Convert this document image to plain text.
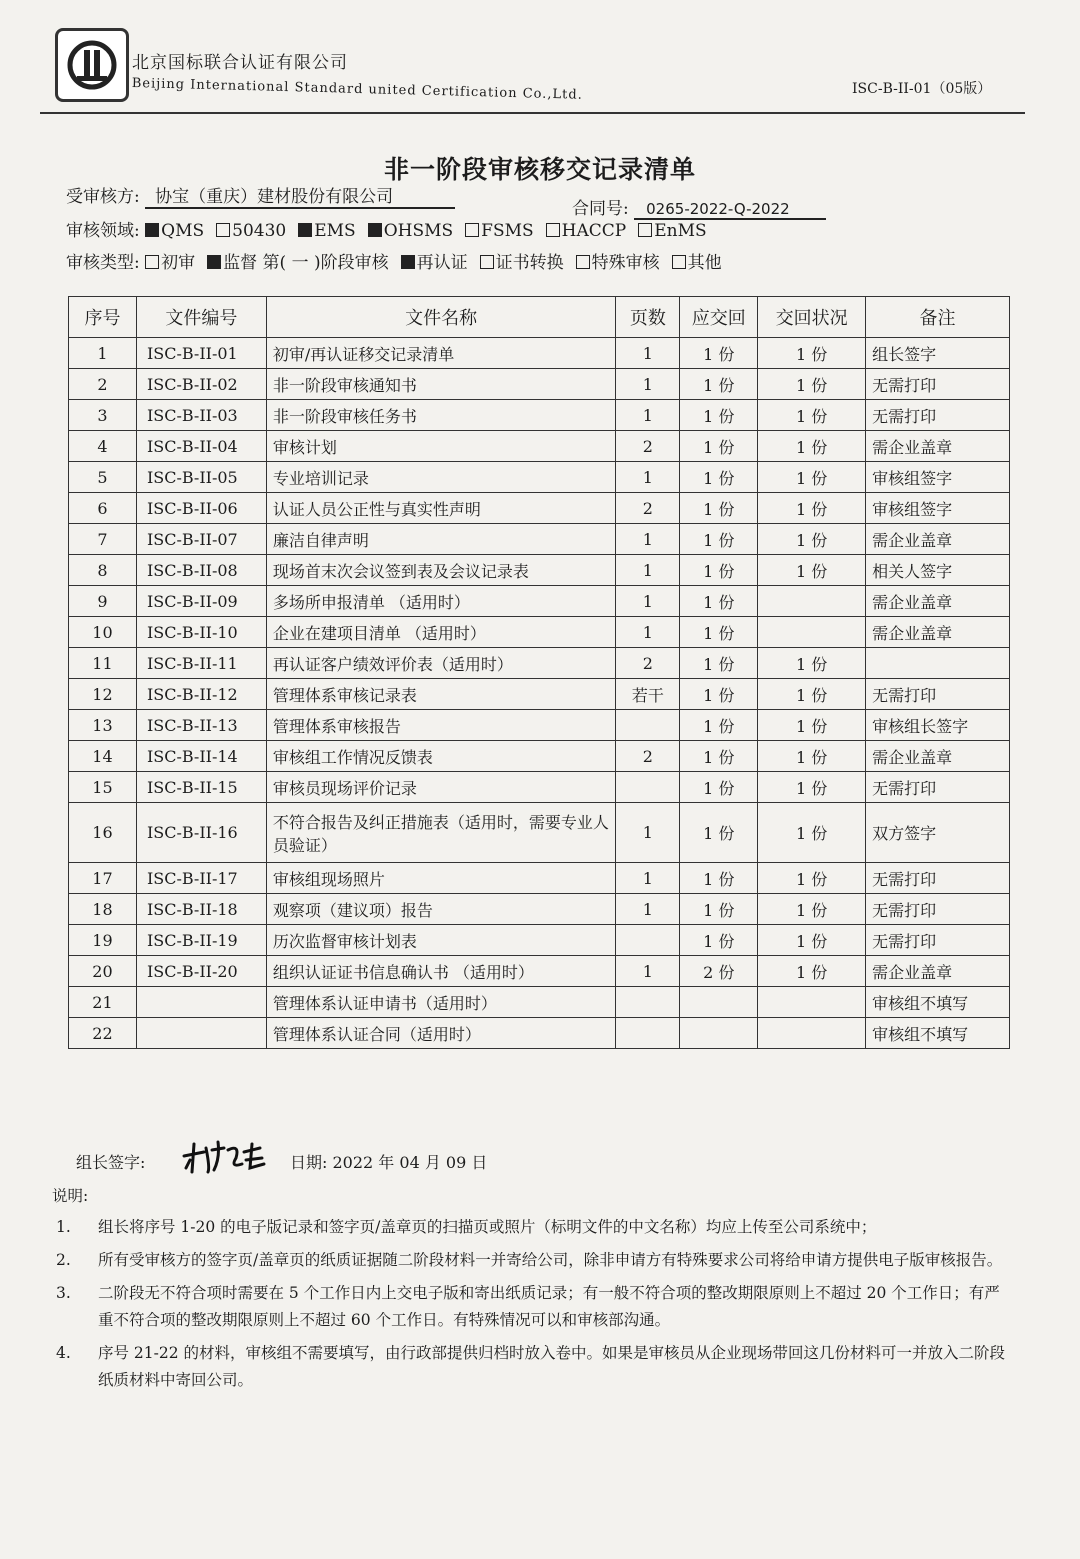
北京国标联合认证有限公司
Beijing International Standard united Certification Co.,Ltd.	ISC-B-II-01（05版）
非一阶段审核移交记录清单
受审核方: 协宝（重庆）建材股份有限公司
合同号: 0265-2022-Q-2022
审核领域: QMS 50430 EMS OHSMS FSMS HACCP EnMS
审核类型: 初审 监督 第( 一 )阶段审核 再认证 证书转换 特殊审核 其他
序号	文件编号	文件名称	页数	应交回	交回状况	备注
1	ISC-B-II-01	初审/再认证移交记录清单	1	1 份	1 份	组长签字
2	ISC-B-II-02	非一阶段审核通知书	1	1 份	1 份	无需打印
3	ISC-B-II-03	非一阶段审核任务书	1	1 份	1 份	无需打印
4	ISC-B-II-04	审核计划	2	1 份	1 份	需企业盖章
5	ISC-B-II-05	专业培训记录	1	1 份	1 份	审核组签字
6	ISC-B-II-06	认证人员公正性与真实性声明	2	1 份	1 份	审核组签字
7	ISC-B-II-07	廉洁自律声明	1	1 份	1 份	需企业盖章
8	ISC-B-II-08	现场首末次会议签到表及会议记录表	1	1 份	1 份	相关人签字
9	ISC-B-II-09	多场所申报清单 （适用时）	1	1 份		需企业盖章
10	ISC-B-II-10	企业在建项目清单 （适用时）	1	1 份		需企业盖章
11	ISC-B-II-11	再认证客户绩效评价表（适用时）	2	1 份	1 份	
12	ISC-B-II-12	管理体系审核记录表	若干	1 份	1 份	无需打印
13	ISC-B-II-13	管理体系审核报告		1 份	1 份	审核组长签字
14	ISC-B-II-14	审核组工作情况反馈表	2	1 份	1 份	需企业盖章
15	ISC-B-II-15	审核员现场评价记录		1 份	1 份	无需打印
16	ISC-B-II-16	不符合报告及纠正措施表（适用时，需要专业人员验证）	1	1 份	1 份	双方签字
17	ISC-B-II-17	审核组现场照片	1	1 份	1 份	无需打印
18	ISC-B-II-18	观察项（建议项）报告	1	1 份	1 份	无需打印
19	ISC-B-II-19	历次监督审核计划表		1 份	1 份	无需打印
20	ISC-B-II-20	组织认证证书信息确认书 （适用时）	1	2 份	1 份	需企业盖章
21		管理体系认证申请书（适用时）				审核组不填写
22		管理体系认证合同（适用时）				审核组不填写
组长签字:	日期: 2022 年 04 月 09 日
说明:
1.	组长将序号 1-20 的电子版记录和签字页/盖章页的扫描页或照片（标明文件的中文名称）均应上传至公司系统中；
2.	所有受审核方的签字页/盖章页的纸质证据随二阶段材料一并寄给公司，除非申请方有特殊要求公司将给申请方提供电子版审核报告。
3.	二阶段无不符合项时需要在 5 个工作日内上交电子版和寄出纸质记录；有一般不符合项的整改期限原则上不超过 20 个工作日；有严重不符合项的整改期限原则上不超过 60 个工作日。有特殊情况可以和审核部沟通。
4.	序号 21-22 的材料，审核组不需要填写，由行政部提供归档时放入卷中。如果是审核员从企业现场带回这几份材料可一并放入二阶段纸质材料中寄回公司。
